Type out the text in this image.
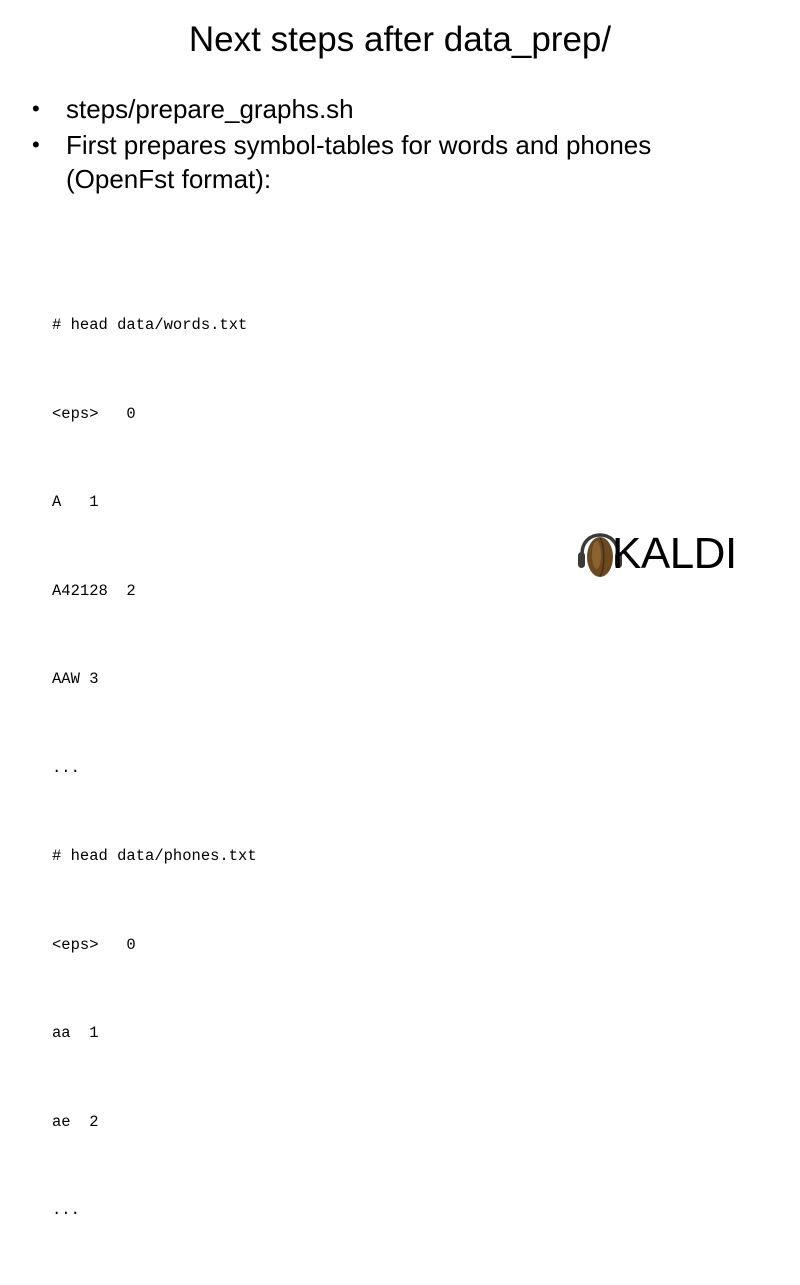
Next steps after data_prep/
•	steps/prepare_graphs.sh
•	First prepares symbol-tables for words and phones (OpenFst format):

# head data/words.txt

<eps>   0

A   1

A42128  2

AAW 3

...

# head data/phones.txt

<eps>   0

aa  1

ae  2

...

KALDI
